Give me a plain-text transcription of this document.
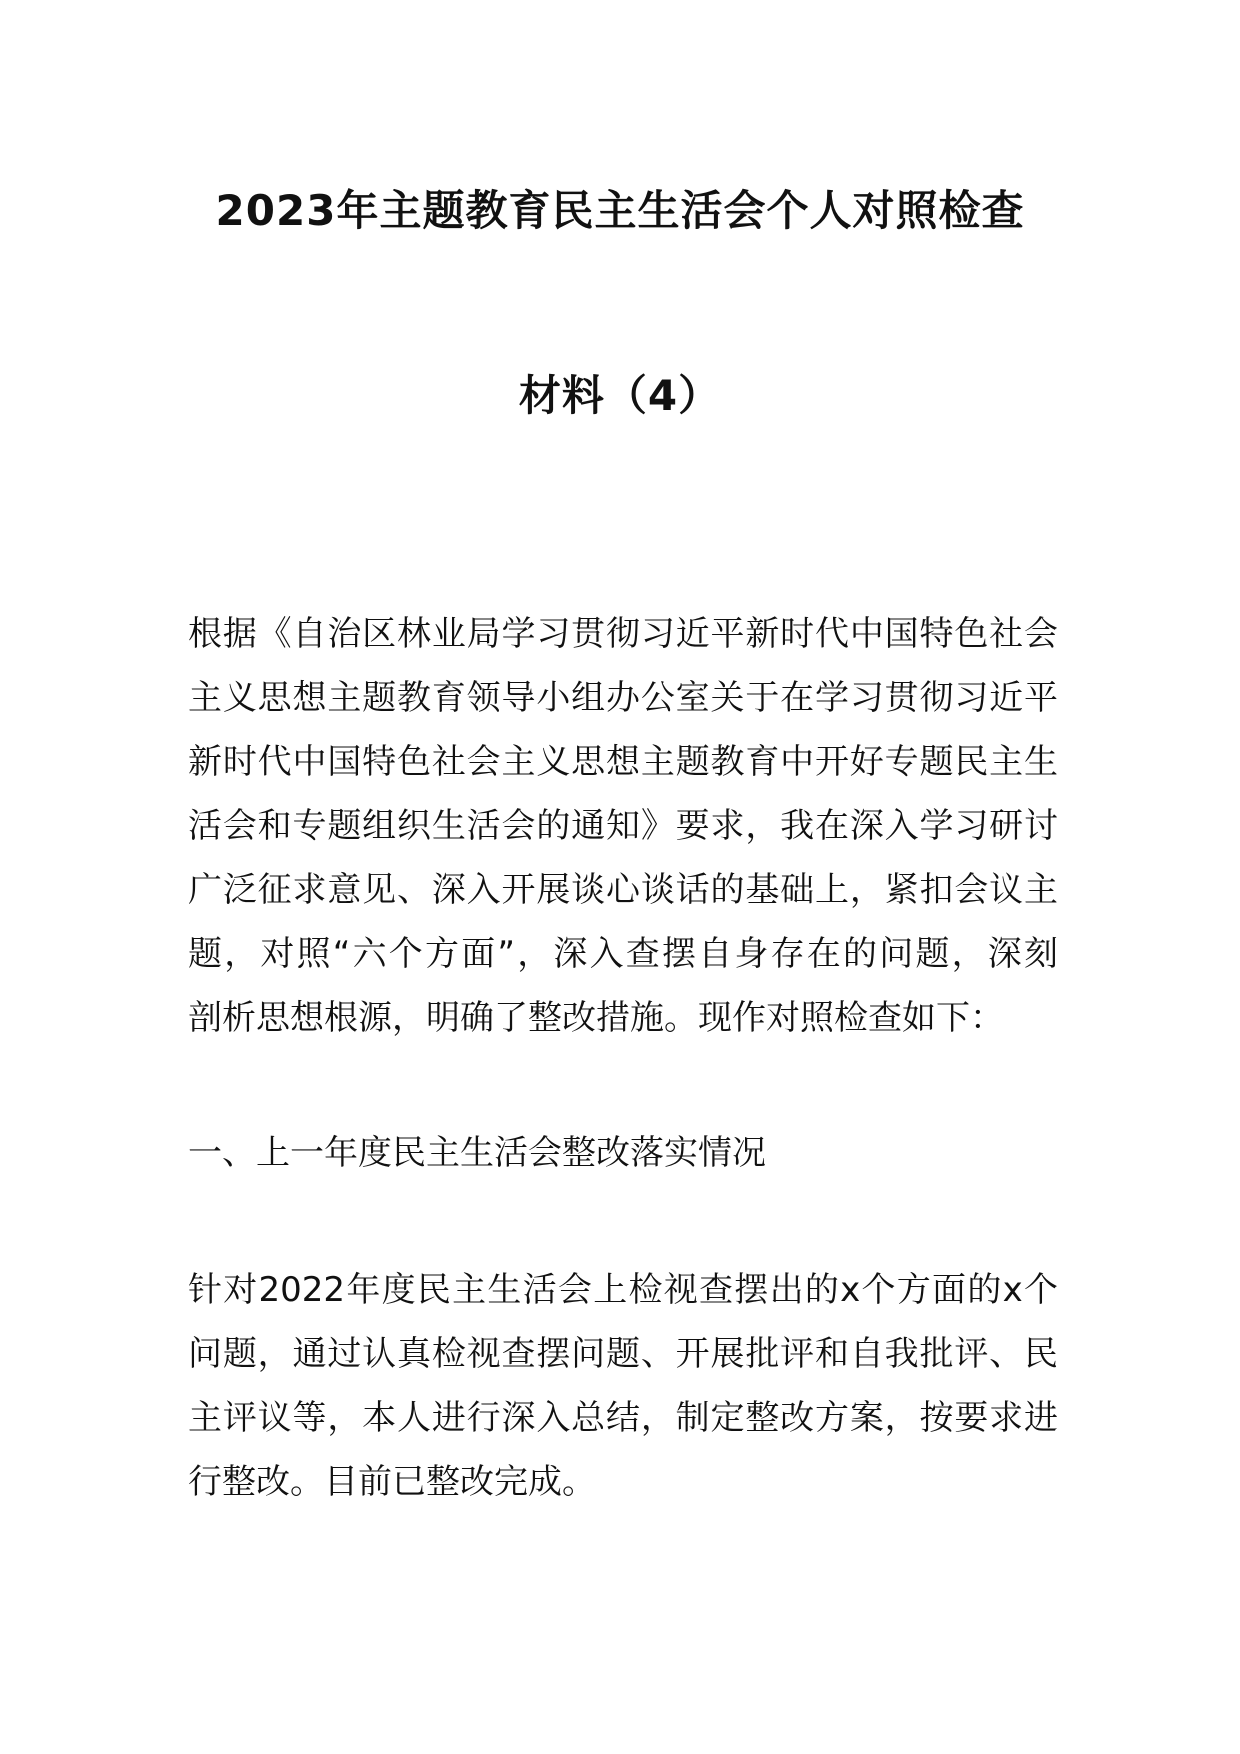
2023年主题教育民主生活会个人对照检查
材料（4）
根据《自治区林业局学习贯彻习近平新时代中国特色社会
主义思想主题教育领导小组办公室关于在学习贯彻习近平
新时代中国特色社会主义思想主题教育中开好专题民主生
活会和专题组织生活会的通知》要求，我在深入学习研讨
广泛征求意见、深入开展谈心谈话的基础上，紧扣会议主
题，对照“六个方面”，深入查摆自身存在的问题，深刻
剖析思想根源，明确了整改措施。现作对照检查如下：
一、上一年度民主生活会整改落实情况
针对2022年度民主生活会上检视查摆出的x个方面的x个
问题，通过认真检视查摆问题、开展批评和自我批评、民
主评议等，本人进行深入总结，制定整改方案，按要求进
行整改。目前已整改完成。
